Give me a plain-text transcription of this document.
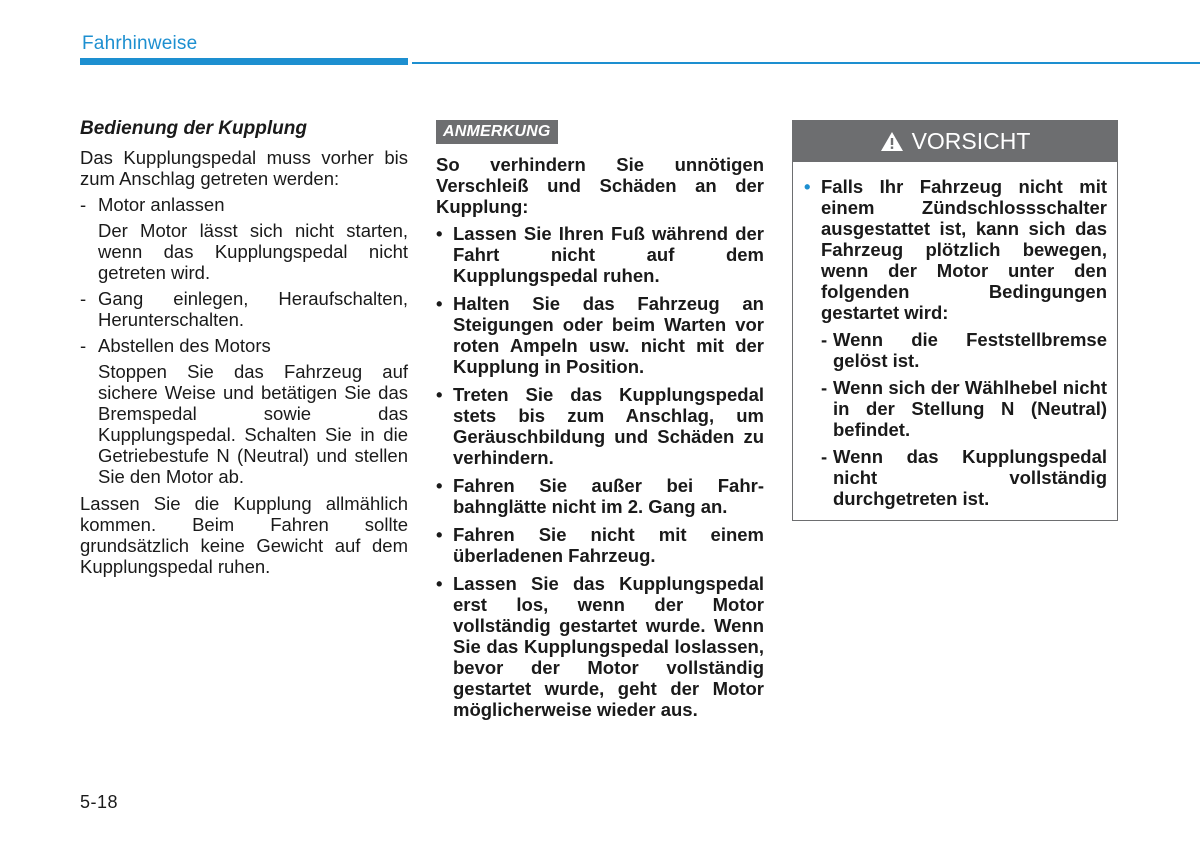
Fahrhinweise
Bedienung der Kupplung

Das Kupplungspedal muss vorher bis zum Anschlag getreten werden:

- Motor anlassen

Der Motor lässt sich nicht starten, wenn das Kupplungspedal nicht getreten wird.

- Gang einlegen, Heraufschalten, Herunterschalten.
- Abstellen des Motors

Stoppen Sie das Fahrzeug auf sichere Weise und betätigen Sie das Bremspedal sowie das Kupplungspedal. Schalten Sie in die Getriebestufe N (Neutral) und stellen Sie den Motor ab.

Lassen Sie die Kupplung allmählich kommen. Beim Fahren sollte grundsätzlich keine Gewicht auf dem Kupplungspedal ruhen.

ANMERKUNG

So verhindern Sie unnötigen Verschleiß und Schäden an der Kupplung:

• Lassen Sie Ihren Fuß während der Fahrt nicht auf dem Kupplungspedal ruhen.
• Halten Sie das Fahrzeug an Steigungen oder beim Warten vor roten Ampeln usw. nicht mit der Kupplung in Position.
• Treten Sie das Kupplungspedal stets bis zum Anschlag, um Geräuschbildung und Schäden zu verhindern.
• Fahren Sie außer bei Fahr-bahnglätte nicht im 2. Gang an.
• Fahren Sie nicht mit einem überladenen Fahrzeug.
• Lassen Sie das Kupplungspedal erst los, wenn der Motor vollständig gestartet wurde. Wenn Sie das Kupplungspedal loslassen, bevor der Motor vollständig gestartet wurde, geht der Motor möglicherweise wieder aus.
VORSICHT
• Falls Ihr Fahrzeug nicht mit einem Zündschlossschalter ausgestattet ist, kann sich das Fahrzeug plötzlich bewegen, wenn der Motor unter den folgenden Bedingungen gestartet wird:
- Wenn die Feststellbremse gelöst ist.
- Wenn sich der Wählhebel nicht in der Stellung N (Neutral) befindet.
- Wenn das Kupplungspedal nicht vollständig durchgetreten ist.
5-18
